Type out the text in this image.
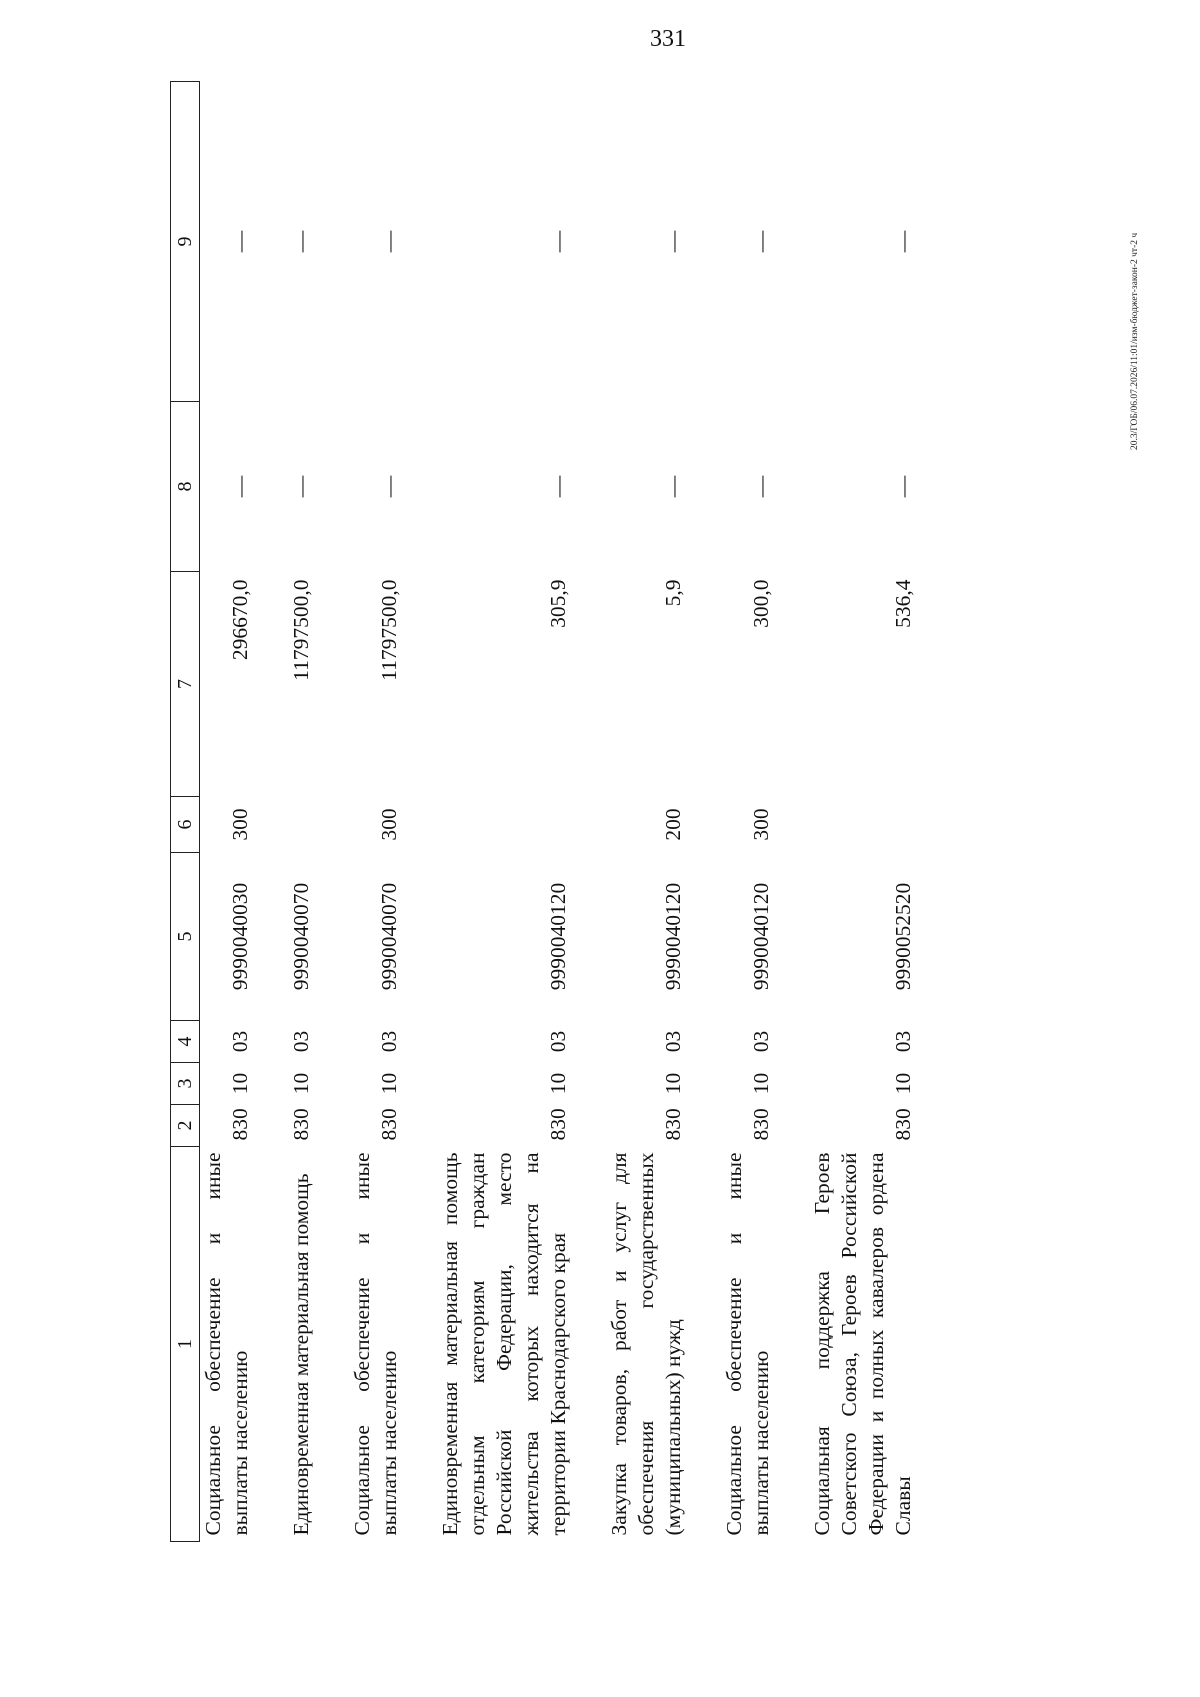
331
20.3/ГОБ/06.07.2026/11:01/изм-бюджет-закон-2 чт-2 ч
1	2	3	4	5	6	7	8	9

Социальное обеспечение и иные выплаты населению	830	10	03	9990040030	300	296670,0	—	—

Единовременная материальная помощь	830	10	03	9990040070		11797500,0	—	—

Социальное обеспечение и иные выплаты населению	830	10	03	9990040070	300	11797500,0	—	—

Единовременная материальная помощь отдельным категориям граждан Российской Федерации, место жительства которых находится на территории Краснодарского края	830	10	03	9990040120		305,9	—	—

Закупка товаров, работ и услуг для обеспечения государственных (муниципальных) нужд	830	10	03	9990040120	200	5,9	—	—

Социальное обеспечение и иные выплаты населению	830	10	03	9990040120	300	300,0	—	—

Социальная поддержка Героев Советского Союза, Героев Российской Федерации и полных кавалеров ордена Славы	830	10	03	9990052520		536,4	—	—
